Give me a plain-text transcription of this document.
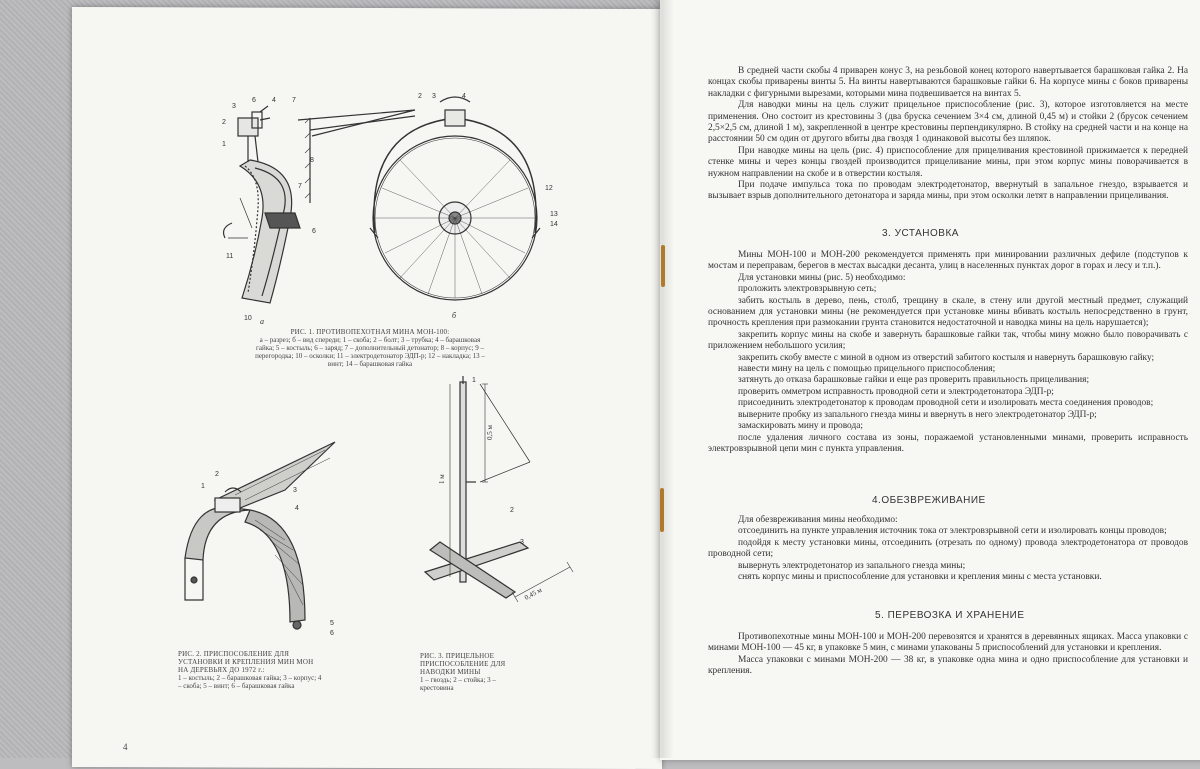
3
6 4 7
2
1
11
10
8
7
6
2 3	4
12
13
14
а
б
РИС. 1. ПРОТИВОПЕХОТНАЯ МИНА МОН-100:
а – разрез; б – вид спереди; 1 – скоба; 2 – болт; 3 – трубка; 4 – барашковая гайка; 5 – костыль; 6 – заряд; 7 – дополнительный детонатор; 8 – корпус; 9 – перегородка; 10 – осколки; 11 – электродетонатор ЭДП-р; 12 – накладка; 13 – винт; 14 – барашковая гайка
2
1
3
4
5
6
РИС. 2. ПРИСПОСОБЛЕНИЕ ДЛЯ УСТАНОВКИ И КРЕПЛЕНИЯ МИН МОН НА ДЕРЕВЬЯХ ДО 1972 г.:
1 – костыль; 2 – барашковая гайка; 3 – корпус; 4 – скоба; 5 – винт; 6 – барашковая гайка
1
2
3
1 м
0,5 м
0,45 м
РИС. 3. ПРИЦЕЛЬНОЕ ПРИСПОСОБЛЕНИЕ ДЛЯ НАВОДКИ МИНЫ
1 – гвоздь; 2 – стойка; 3 – крестовина
4

В средней части скобы 4 приварен конус 3, на резьбовой конец которого навертывается барашковая гайка 2. На концах скобы приварены винты 5. На винты навертываются барашковые гайки 6. На корпусе мины с боков приварены накладки с фигурными вырезами, которыми мина подвешивается на винтах 5.

Для наводки мины на цель служит прицельное приспособление (рис. 3), которое изготовляется на месте применения. Оно состоит из крестовины 3 (два бруска сечением 3×4 см, длиной 0,45 м) и стойки 2 (брусок сечением 2,5×2,5 см, длиной 1 м), закрепленной в центре крестовины перпендикулярно. В стойку на средней части и на конце на расстоянии 50 см один от другого вбиты два гвоздя 1 одинаковой высоты без шляпок.

При наводке мины на цель (рис. 4) приспособление для прицеливания крестовиной прижимается к передней стенке мины и через концы гвоздей производится прицеливание мины, при этом корпус мины поворачивается в нужном направлении на скобе и в отверстии костыля.

При подаче импульса тока по проводам электродетонатор, ввернутый в запальное гнездо, взрывается и вызывает взрыв дополнительного детонатора и заряда мины, при этом осколки летят в направлении прицеливания.

3. УСТАНОВКА

Мины МОН-100 и МОН-200 рекомендуется применять при минировании различных дефиле (подступов к мостам и переправам, берегов в местах высадки десанта, улиц в населенных пунктах дорог в горах и лесу и т.п.).

Для установки мины (рис. 5) необходимо:

проложить электровзрывную сеть;

забить костыль в дерево, пень, столб, трещину в скале, в стену или другой местный предмет, служащий основанием для установки мины (не рекомендуется при установке мины вбивать костыль непосредственно в грунт, прочность крепления при размокании грунта становится недостаточной и наводка мины на цель нарушается);

закрепить корпус мины на скобе и завернуть барашковые гайки так, чтобы мину можно было поворачивать с приложением небольшого усилия;

закрепить скобу вместе с миной в одном из отверстий забитого костыля и навернуть барашковую гайку;

навести мину на цель с помощью прицельного приспособления;

затянуть до отказа барашковые гайки и еще раз проверить правильность прицеливания;

проверить омметром исправность проводной сети и электродетонатора ЭДП-р;

присоединить электродетонатор к проводам проводной сети и изолировать места соединения проводов;

выверните пробку из запального гнезда мины и ввернуть в него электродетонатор ЭДП-р;

замаскировать мину и провода;

после удаления личного состава из зоны, поражаемой установленными минами, проверить исправность электровзрывной цепи мин с пункта управления.

4.ОБЕЗВРЕЖИВАНИЕ

Для обезвреживания мины необходимо:

отсоединить на пункте управления источник тока от электровзрывной сети и изолировать концы проводов;

подойдя к месту установки мины, отсоединить (отрезать по одному) провода электродетонатора от проводов проводной сети;

вывернуть электродетонатор из запального гнезда мины;

снять корпус мины и приспособление для установки и крепления мины с места установки.

5. ПЕРЕВОЗКА И ХРАНЕНИЕ

Противопехотные мины МОН-100 и МОН-200 перевозятся и хранятся в деревянных ящиках. Масса упаковки с минами МОН-100 — 45 кг, в упаковке 5 мин, с минами упакованы 5 приспособлений для установки и крепления.

Масса упаковки с минами МОН-200 — 38 кг, в упаковке одна мина и одно приспособление для установки и крепления.
